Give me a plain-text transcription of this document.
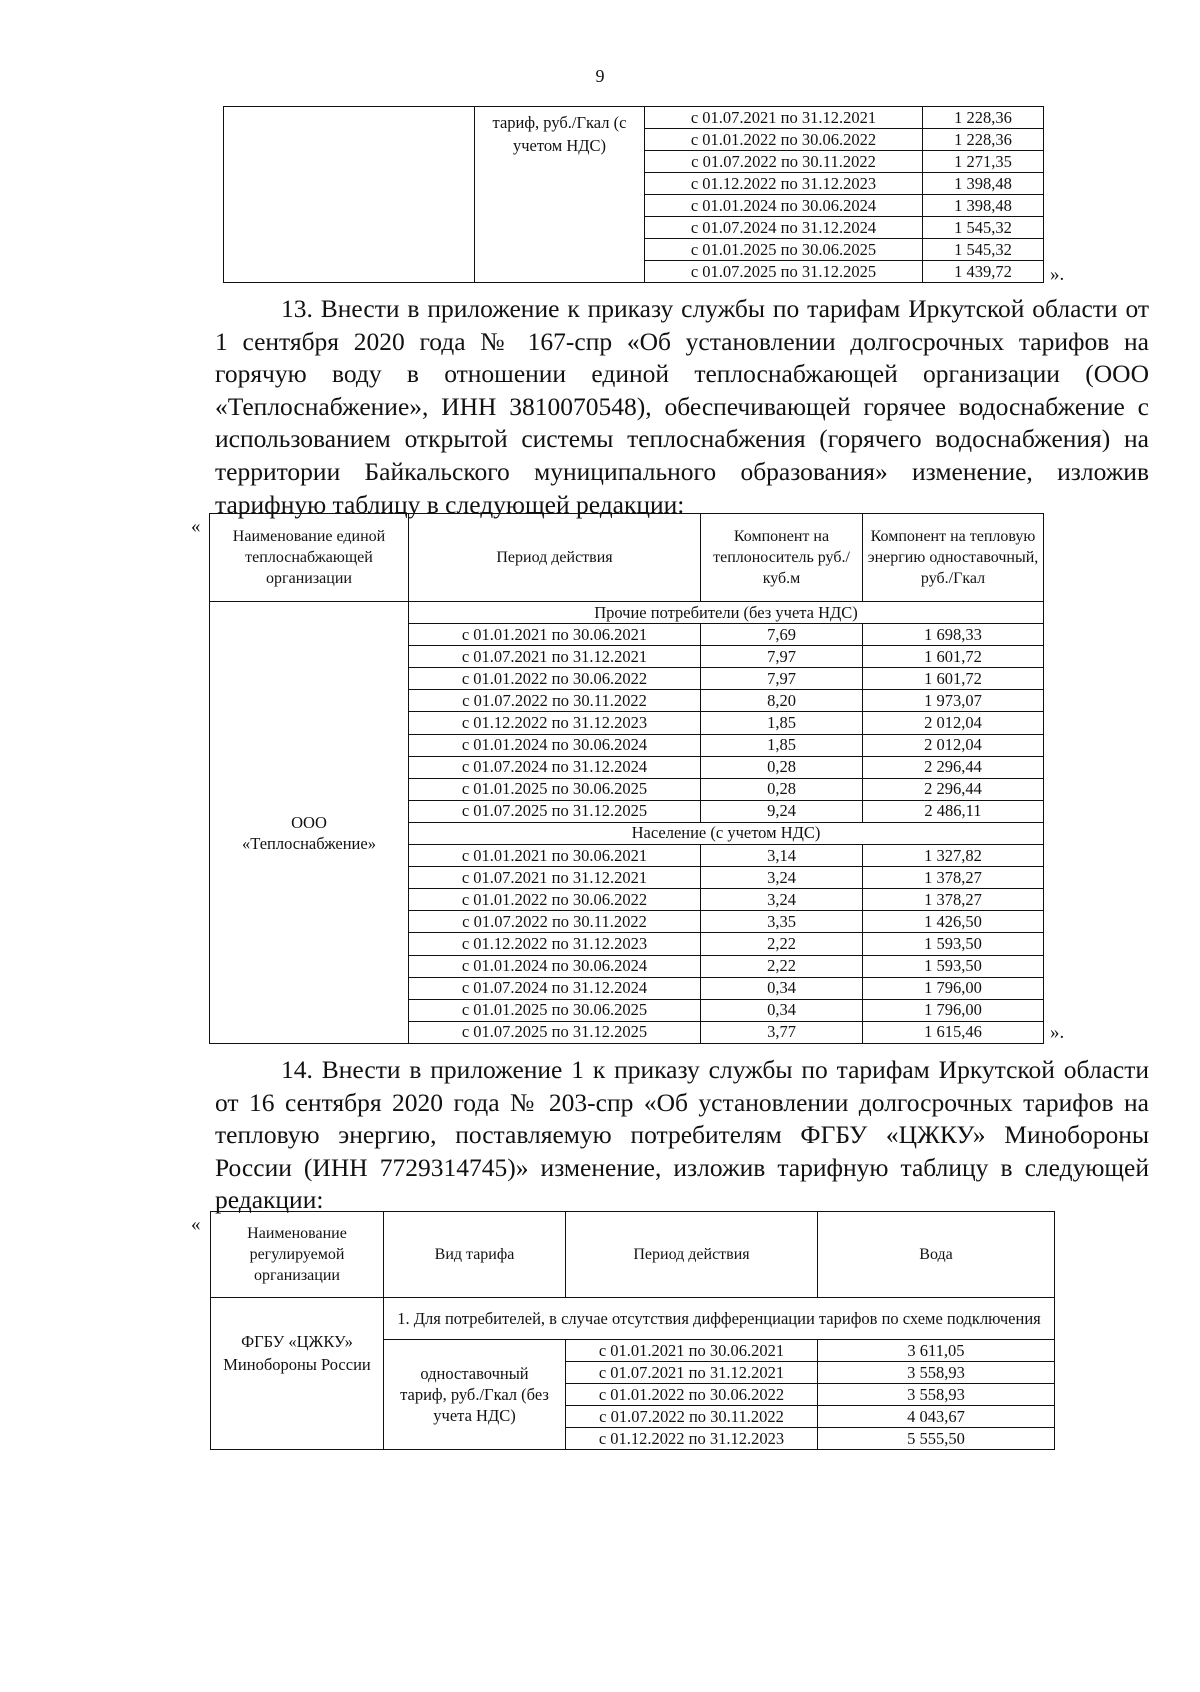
9
	тариф, руб./Гкал (с учетом НДС)	с 01.07.2021 по 31.12.2021	1 228,36
		с 01.01.2022 по 30.06.2022	1 228,36
		с 01.07.2022 по 30.11.2022	1 271,35
		с 01.12.2022 по 31.12.2023	1 398,48
		с 01.01.2024 по 30.06.2024	1 398,48
		с 01.07.2024 по 31.12.2024	1 545,32
		с 01.01.2025 по 30.06.2025	1 545,32
		с 01.07.2025 по 31.12.2025	1 439,72 ».

13. Внести в приложение к приказу службы по тарифам Иркутской области от 1 сентября 2020 года № 167-спр «Об установлении долгосрочных тарифов на горячую воду в отношении единой теплоснабжающей организации (ООО «Теплоснабжение», ИНН 3810070548), обеспечивающей горячее водоснабжение с использованием открытой системы теплоснабжения (горячего водоснабжения) на территории Байкальского муниципального образования» изменение, изложив тарифную таблицу в следующей редакции:

« Наименование единой теплоснабжающей организации	Период действия	Компонент на теплоноситель руб./куб.м	Компонент на тепловую энергию одноставочный, руб./Гкал

ООО
«Теплоснабжение»	Прочие потребители (без учета НДС)		
	с 01.01.2021 по 30.06.2021	7,69	1 698,33
	с 01.07.2021 по 31.12.2021	7,97	1 601,72
	с 01.01.2022 по 30.06.2022	7,97	1 601,72
	с 01.07.2022 по 30.11.2022	8,20	1 973,07
	с 01.12.2022 по 31.12.2023	1,85	2 012,04
	с 01.01.2024 по 30.06.2024	1,85	2 012,04
	с 01.07.2024 по 31.12.2024	0,28	2 296,44
	с 01.01.2025 по 30.06.2025	0,28	2 296,44
	с 01.07.2025 по 31.12.2025	9,24	2 486,11
	Население (с учетом НДС)		
	с 01.01.2021 по 30.06.2021	3,14	1 327,82
	с 01.07.2021 по 31.12.2021	3,24	1 378,27
	с 01.01.2022 по 30.06.2022	3,24	1 378,27
	с 01.07.2022 по 30.11.2022	3,35	1 426,50
	с 01.12.2022 по 31.12.2023	2,22	1 593,50
	с 01.01.2024 по 30.06.2024	2,22	1 593,50
	с 01.07.2024 по 31.12.2024	0,34	1 796,00
	с 01.01.2025 по 30.06.2025	0,34	1 796,00
	с 01.07.2025 по 31.12.2025	3,77	1 615,46	».

14. Внести в приложение 1 к приказу службы по тарифам Иркутской области от 16 сентября 2020 года № 203-спр «Об установлении долгосрочных тарифов на тепловую энергию, поставляемую потребителям ФГБУ «ЦЖКУ» Минобороны России (ИНН 7729314745)» изменение, изложив тарифную таблицу в следующей редакции:

«	Наименование регулируемой организации	Вид тарифа	Период действия	Вода
ФГБУ «ЦЖКУ» Минобороны России	1. Для потребителей, в случае отсутствия дифференциации тарифов по схеме подключения		
	одноставочный тариф, руб./Гкал (без учета НДС)	с 01.01.2021 по 30.06.2021	3 611,05
		с 01.07.2021 по 31.12.2021	3 558,93
		с 01.01.2022 по 30.06.2022	3 558,93
		с 01.07.2022 по 30.11.2022	4 043,67
		с 01.12.2022 по 31.12.2023	5 555,50
